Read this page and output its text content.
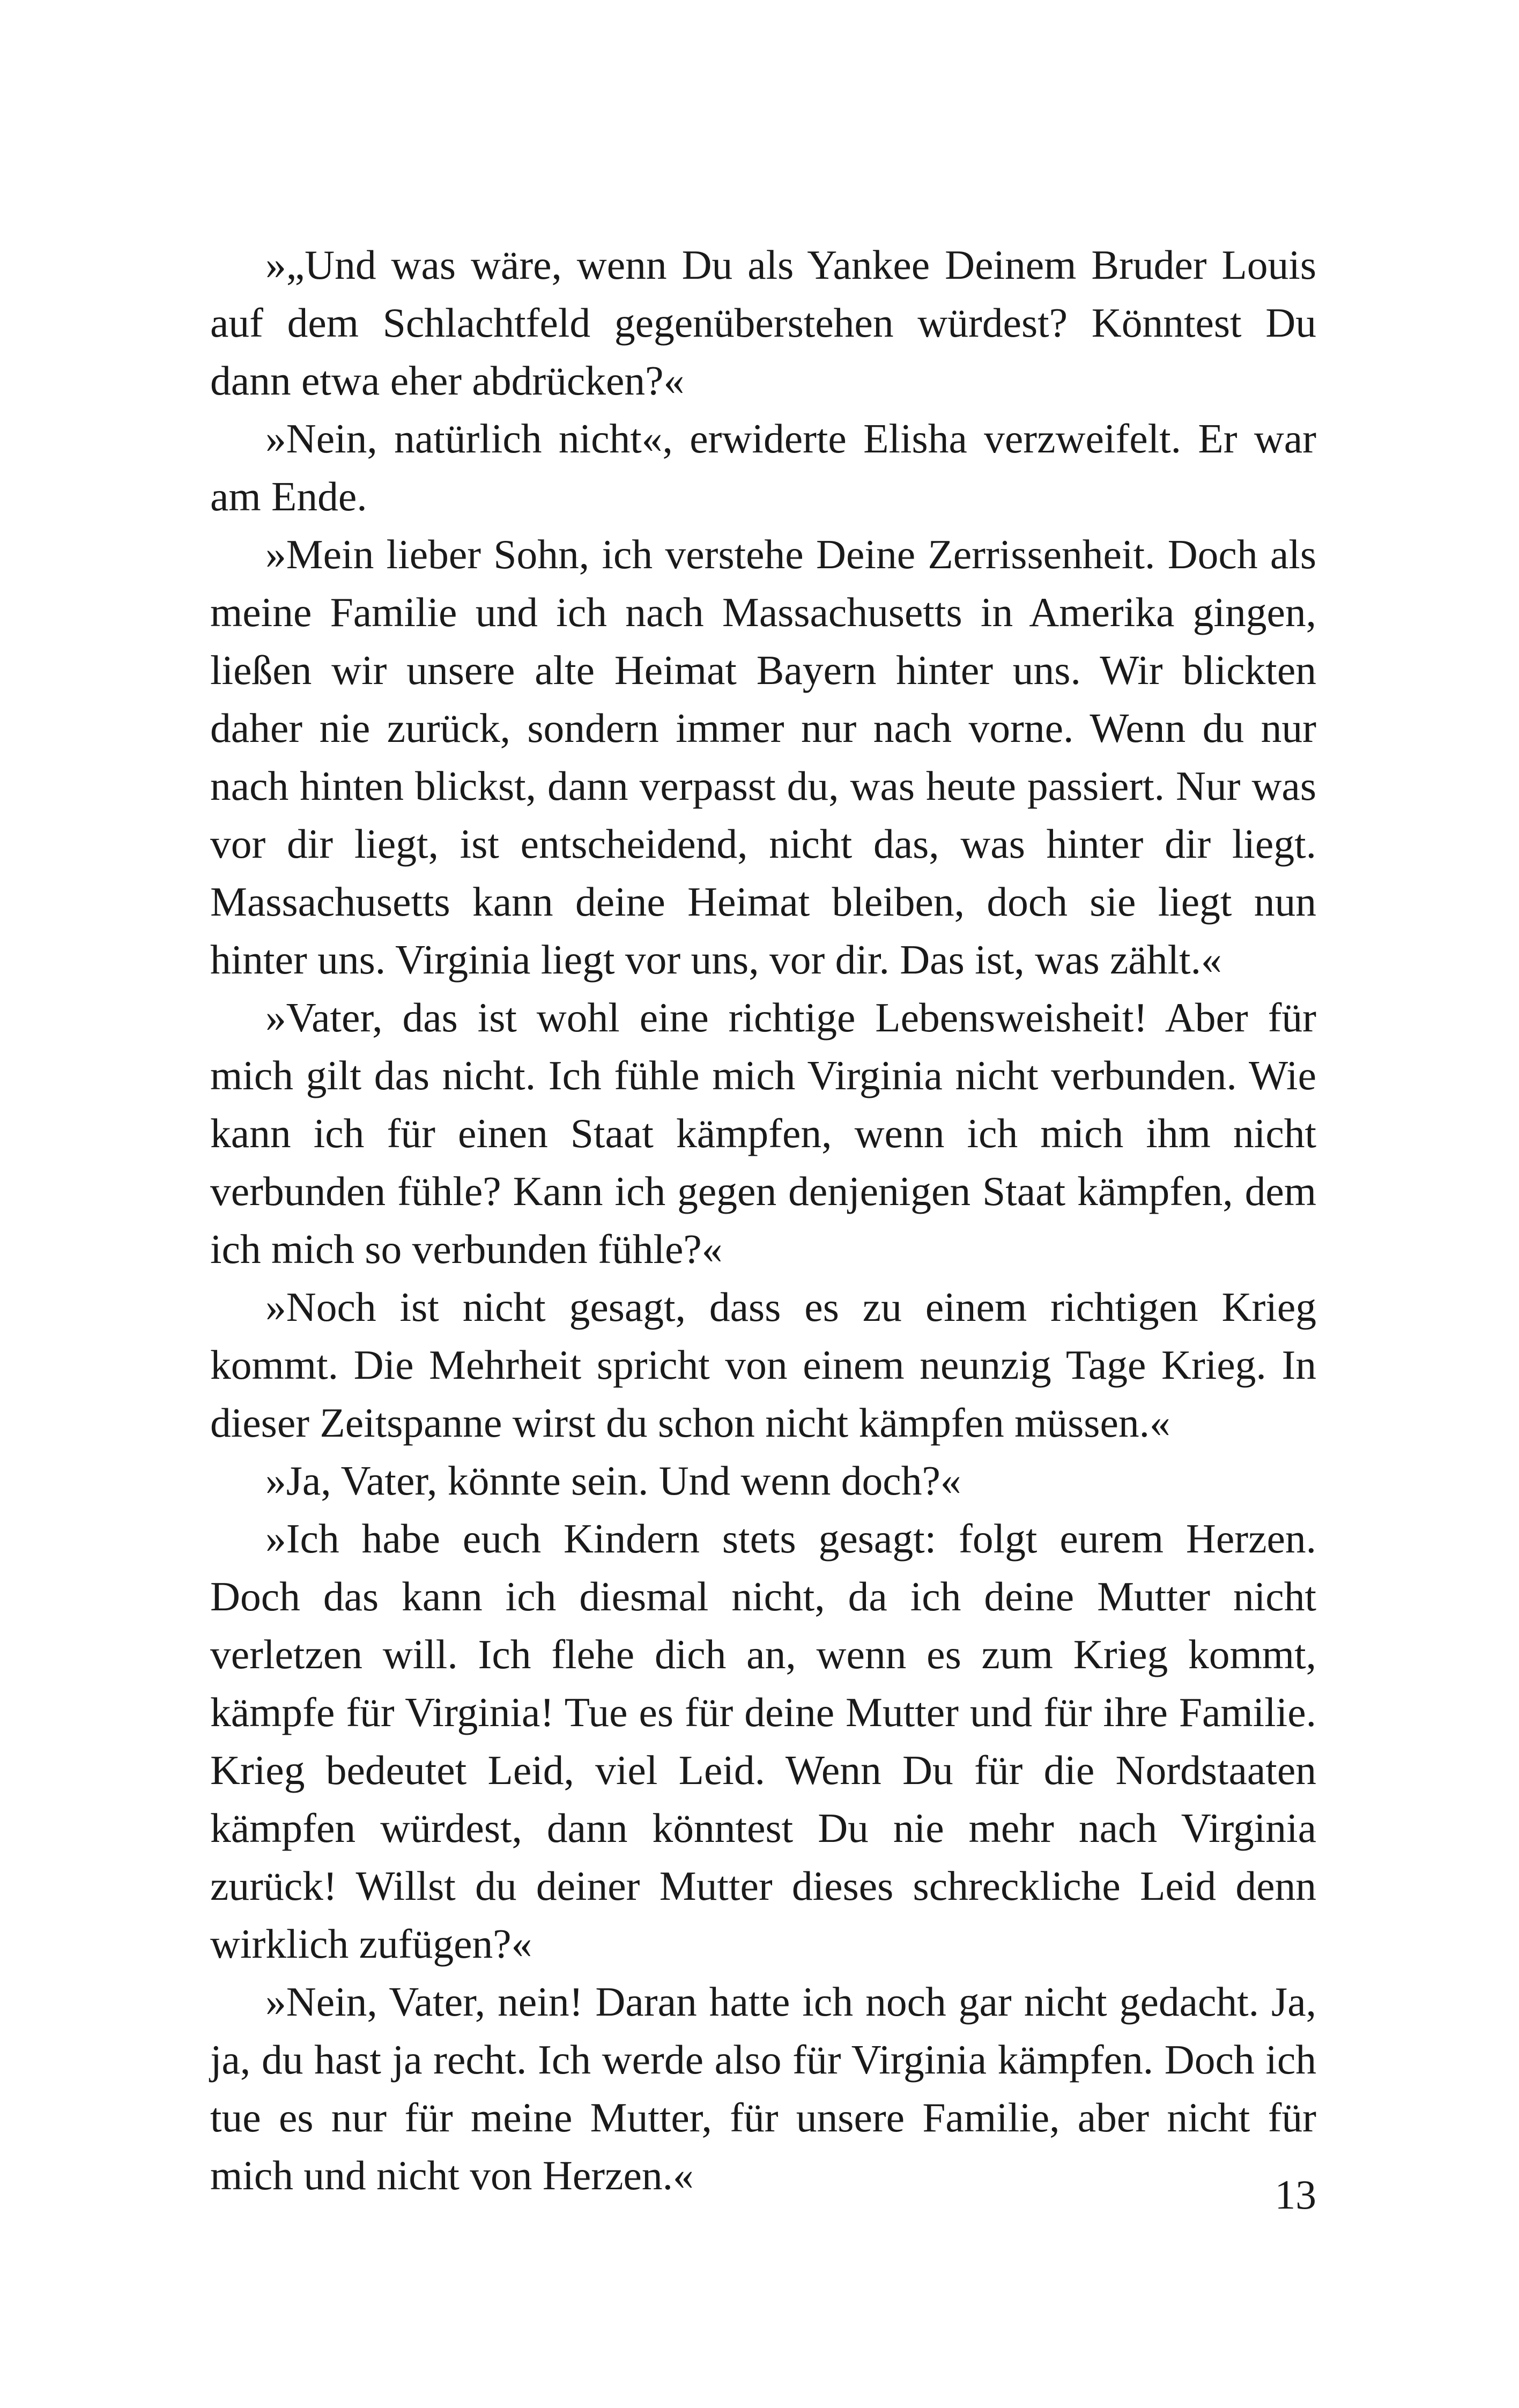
»„Und was wäre, wenn Du als Yankee Deinem Bruder Louis auf dem Schlachtfeld gegenüberstehen würdest? Könntest Du dann etwa eher abdrücken?«

»Nein, natürlich nicht«, erwiderte Elisha verzweifelt. Er war am Ende.

»Mein lieber Sohn, ich verstehe Deine Zerrissenheit. Doch als meine Familie und ich nach Massachusetts in Amerika gingen, ließen wir unsere alte Heimat Bayern hinter uns. Wir blickten daher nie zurück, sondern immer nur nach vorne. Wenn du nur nach hinten blickst, dann verpasst du, was heute passiert. Nur was vor dir liegt, ist entscheidend, nicht das, was hinter dir liegt. Massachusetts kann deine Heimat bleiben, doch sie liegt nun hinter uns. Virginia liegt vor uns, vor dir. Das ist, was zählt.«

»Vater, das ist wohl eine richtige Lebensweisheit! Aber für mich gilt das nicht. Ich fühle mich Virginia nicht verbunden. Wie kann ich für einen Staat kämpfen, wenn ich mich ihm nicht verbunden fühle? Kann ich gegen denjenigen Staat kämpfen, dem ich mich so verbunden fühle?«

»Noch ist nicht gesagt, dass es zu einem richtigen Krieg kommt. Die Mehrheit spricht von einem neunzig Tage Krieg. In dieser Zeitspanne wirst du schon nicht kämpfen müssen.«

»Ja, Vater, könnte sein. Und wenn doch?«

»Ich habe euch Kindern stets gesagt: folgt eurem Herzen. Doch das kann ich diesmal nicht, da ich deine Mutter nicht verletzen will. Ich flehe dich an, wenn es zum Krieg kommt, kämpfe für Virginia! Tue es für deine Mutter und für ihre Familie. Krieg bedeutet Leid, viel Leid. Wenn Du für die Nordstaaten kämpfen würdest, dann könntest Du nie mehr nach Virginia zurück! Willst du deiner Mutter dieses schreckliche Leid denn wirklich zufügen?«

»Nein, Vater, nein! Daran hatte ich noch gar nicht gedacht. Ja, ja, du hast ja recht. Ich werde also für Virginia kämpfen. Doch ich tue es nur für meine Mutter, für unsere Familie, aber nicht für mich und nicht von Herzen.«	13
